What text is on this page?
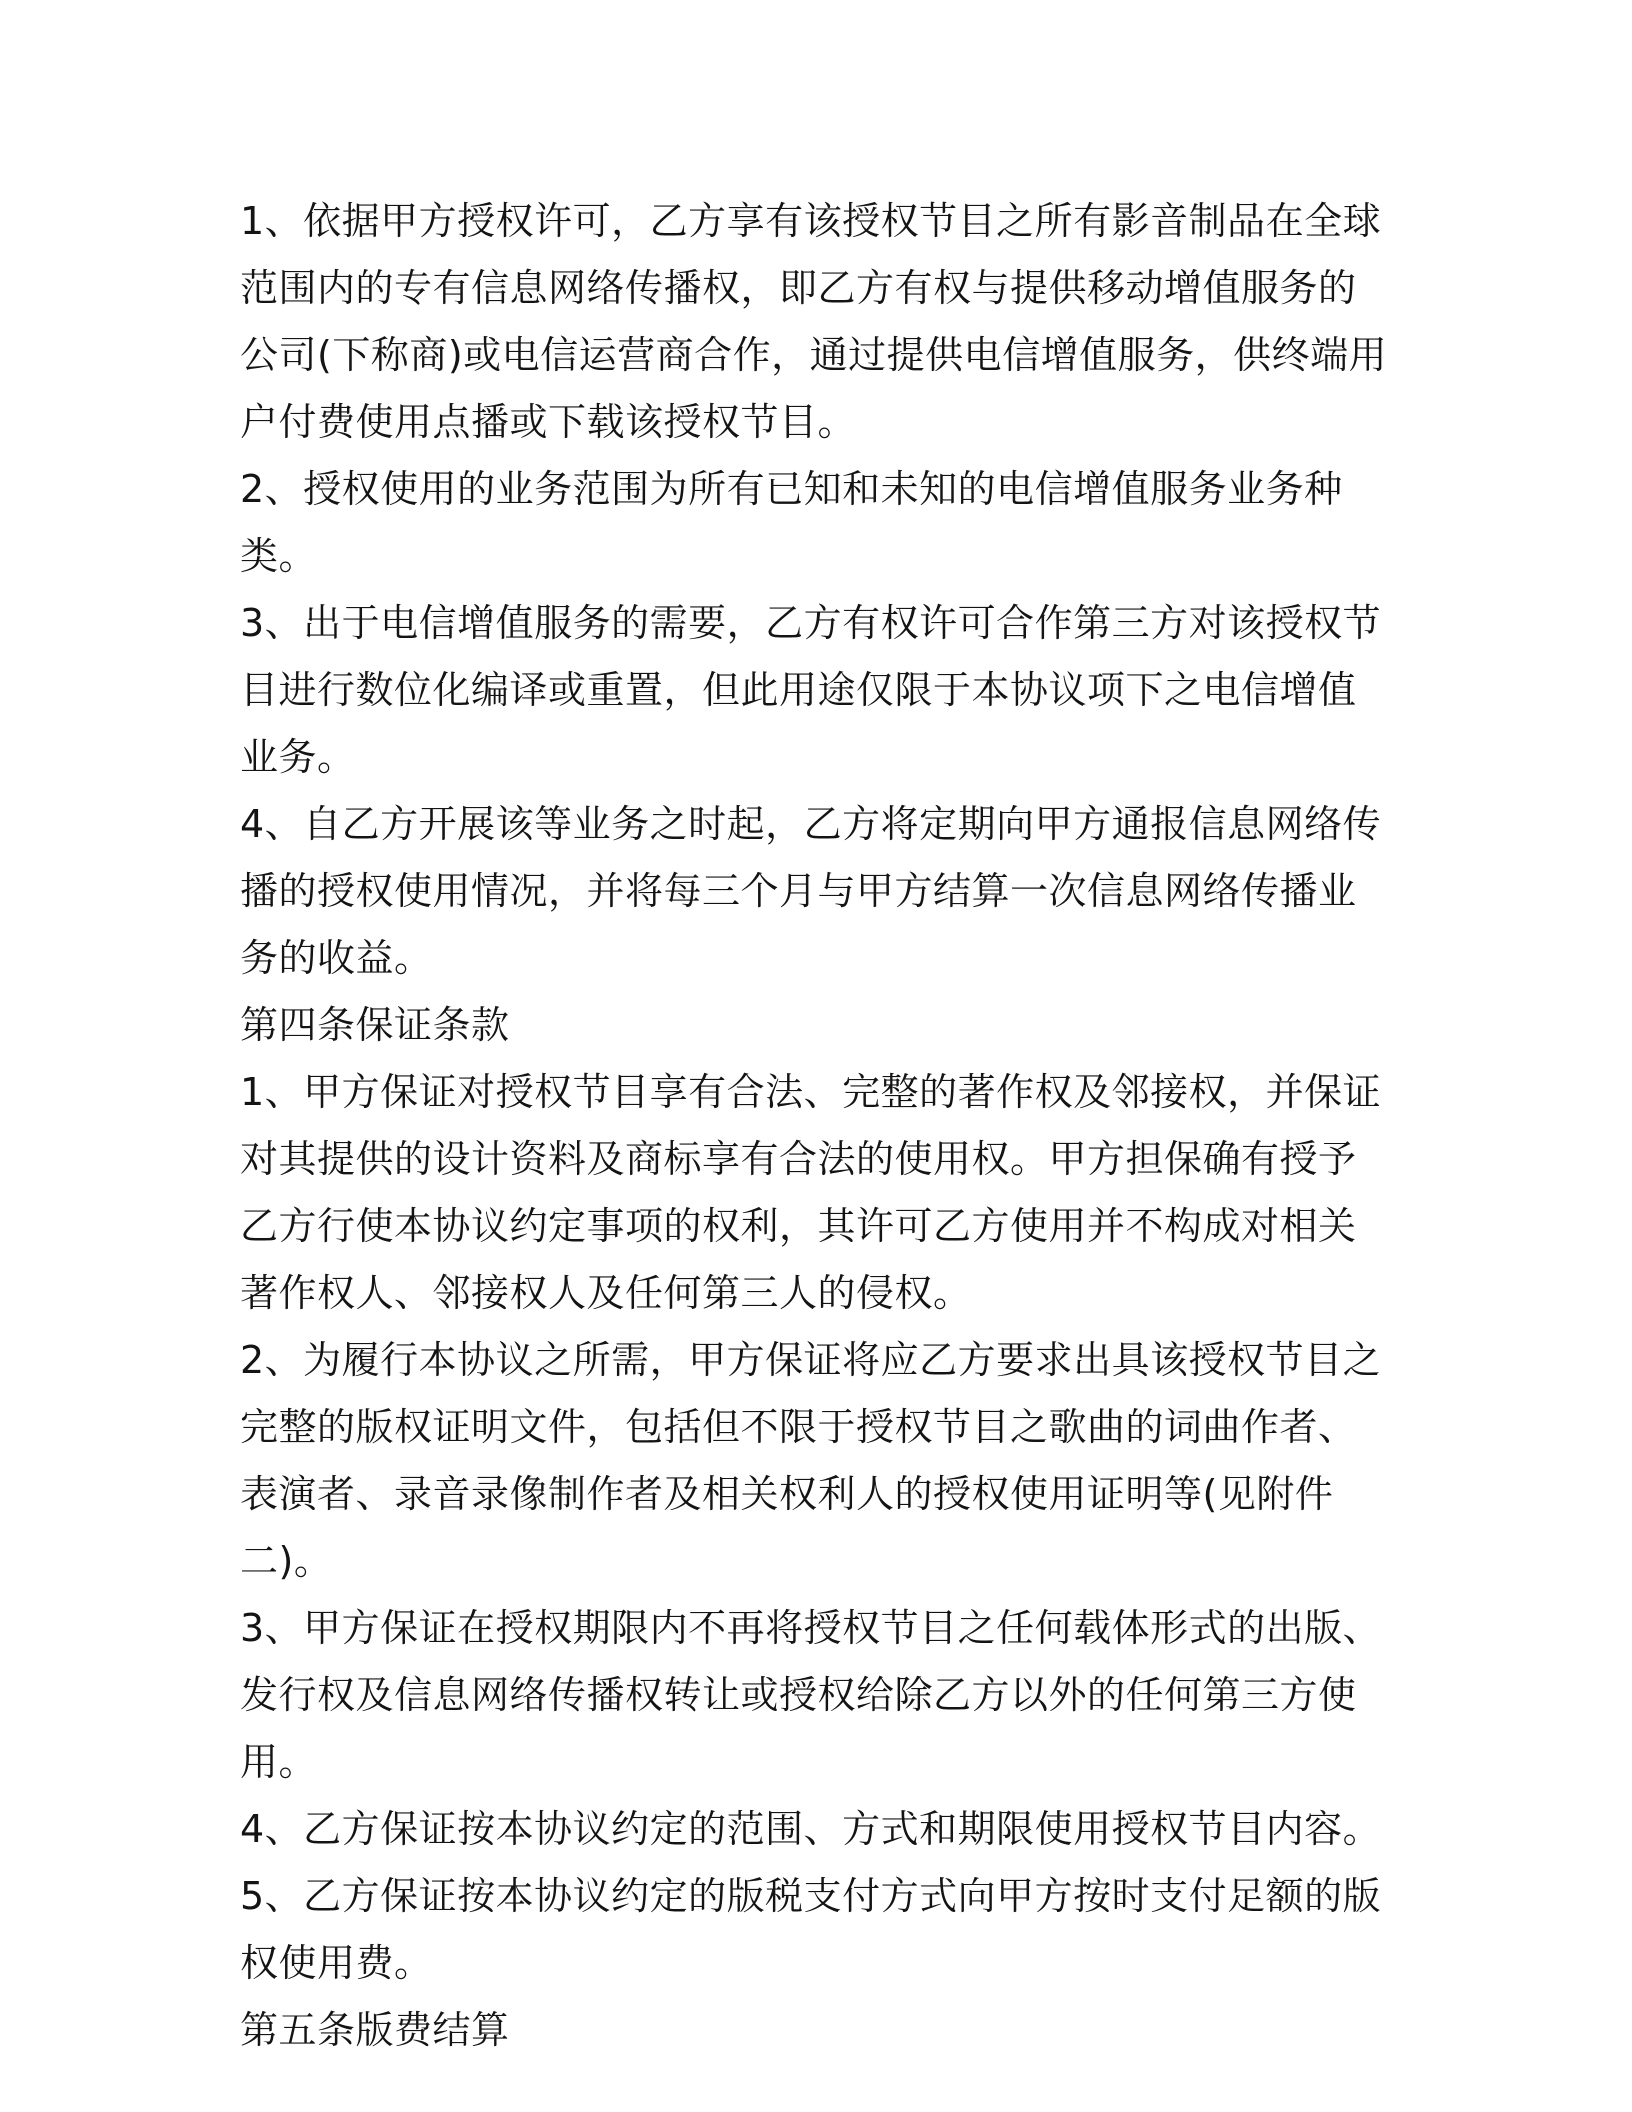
1、依据甲方授权许可，乙方享有该授权节目之所有影音制品在全球范围内的专有信息网络传播权，即乙方有权与提供移动增值服务的公司(下称商)或电信运营商合作，通过提供电信增值服务，供终端用户付费使用点播或下载该授权节目。

2、授权使用的业务范围为所有已知和未知的电信增值服务业务种类。

3、出于电信增值服务的需要，乙方有权许可合作第三方对该授权节目进行数位化编译或重置，但此用途仅限于本协议项下之电信增值业务。

4、自乙方开展该等业务之时起，乙方将定期向甲方通报信息网络传播的授权使用情况，并将每三个月与甲方结算一次信息网络传播业务的收益。

第四条保证条款

1、甲方保证对授权节目享有合法、完整的著作权及邻接权，并保证对其提供的设计资料及商标享有合法的使用权。甲方担保确有授予乙方行使本协议约定事项的权利，其许可乙方使用并不构成对相关著作权人、邻接权人及任何第三人的侵权。

2、为履行本协议之所需，甲方保证将应乙方要求出具该授权节目之完整的版权证明文件，包括但不限于授权节目之歌曲的词曲作者、表演者、录音录像制作者及相关权利人的授权使用证明等(见附件二)。

3、甲方保证在授权期限内不再将授权节目之任何载体形式的出版、发行权及信息网络传播权转让或授权给除乙方以外的任何第三方使用。

4、乙方保证按本协议约定的范围、方式和期限使用授权节目内容。

5、乙方保证按本协议约定的版税支付方式向甲方按时支付足额的版权使用费。

第五条版费结算
